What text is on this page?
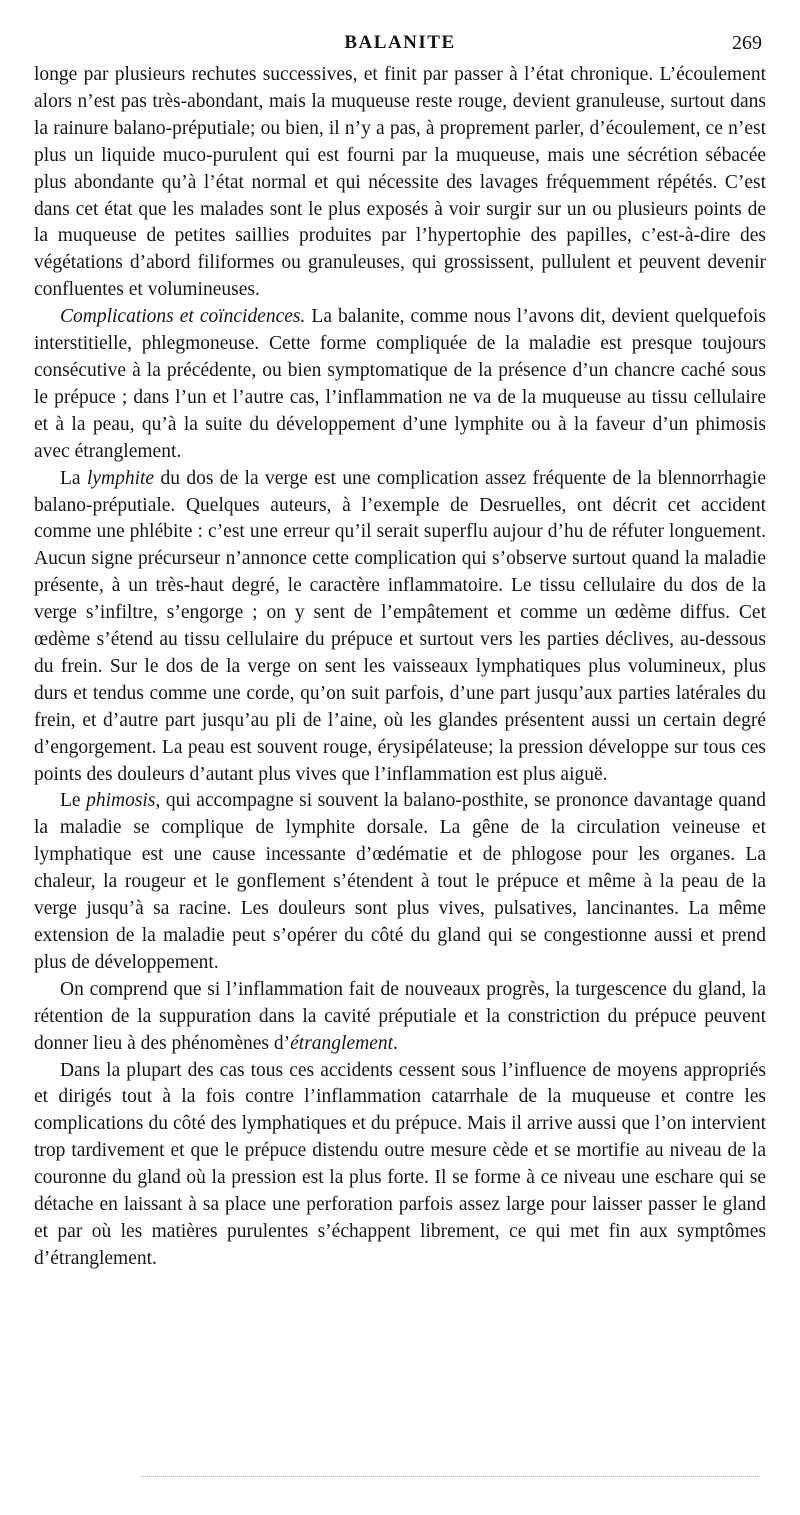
BALANITE	269

longe par plusieurs rechutes successives, et finit par passer à l’état chronique. L’écoulement alors n’est pas très-abondant, mais la muqueuse reste rouge, devient granuleuse, surtout dans la rainure balano-préputiale; ou bien, il n’y a pas, à proprement parler, d’écoulement, ce n’est plus un liquide muco-purulent qui est fourni par la muqueuse, mais une sécrétion sébacée plus abondante qu’à l’état normal et qui nécessite des lavages fréquemment répétés. C’est dans cet état que les malades sont le plus exposés à voir surgir sur un ou plusieurs points de la muqueuse de petites saillies produites par l’hypertophie des papilles, c’est-à-dire des végétations d’abord filiformes ou granuleuses, qui grossissent, pullulent et peuvent devenir confluentes et volumineuses.

Complications et coïncidences. La balanite, comme nous l’avons dit, devient quelquefois interstitielle, phlegmoneuse. Cette forme compliquée de la maladie est presque toujours consécutive à la précédente, ou bien symptomatique de la présence d’un chancre caché sous le prépuce ; dans l’un et l’autre cas, l’inflammation ne va de la muqueuse au tissu cellulaire et à la peau, qu’à la suite du développement d’une lymphite ou à la faveur d’un phimosis avec étranglement.

La lymphite du dos de la verge est une complication assez fréquente de la blennorrhagie balano-préputiale. Quelques auteurs, à l’exemple de Desruelles, ont décrit cet accident comme une phlébite : c’est une erreur qu’il serait superflu aujour d’hu de réfuter longuement. Aucun signe précurseur n’annonce cette complication qui s’observe surtout quand la maladie présente, à un très-haut degré, le caractère inflammatoire. Le tissu cellulaire du dos de la verge s’infiltre, s’engorge ; on y sent de l’empâtement et comme un œdème diffus. Cet œdème s’étend au tissu cellulaire du prépuce et surtout vers les parties déclives, au-dessous du frein. Sur le dos de la verge on sent les vaisseaux lymphatiques plus volumineux, plus durs et tendus comme une corde, qu’on suit parfois, d’une part jusqu’aux parties latérales du frein, et d’autre part jusqu’au pli de l’aine, où les glandes présentent aussi un certain degré d’engorgement. La peau est souvent rouge, érysipélateuse; la pression développe sur tous ces points des douleurs d’autant plus vives que l’inflammation est plus aiguë.

Le phimosis, qui accompagne si souvent la balano-posthite, se prononce davantage quand la maladie se complique de lymphite dorsale. La gêne de la circulation veineuse et lymphatique est une cause incessante d’œdématie et de phlogose pour les organes. La chaleur, la rougeur et le gonflement s’étendent à tout le prépuce et même à la peau de la verge jusqu’à sa racine. Les douleurs sont plus vives, pulsatives, lancinantes. La même extension de la maladie peut s’opérer du côté du gland qui se congestionne aussi et prend plus de développement.

On comprend que si l’inflammation fait de nouveaux progrès, la turgescence du gland, la rétention de la suppuration dans la cavité préputiale et la constriction du prépuce peuvent donner lieu à des phénomènes d’étranglement.

Dans la plupart des cas tous ces accidents cessent sous l’influence de moyens appropriés et dirigés tout à la fois contre l’inflammation catarrhale de la muqueuse et contre les complications du côté des lymphatiques et du prépuce. Mais il arrive aussi que l’on intervient trop tardivement et que le prépuce distendu outre mesure cède et se mortifie au niveau de la couronne du gland où la pression est la plus forte. Il se forme à ce niveau une eschare qui se détache en laissant à sa place une perforation parfois assez large pour laisser passer le gland et par où les matières purulentes s’échappent librement, ce qui met fin aux symptômes d’étranglement.
